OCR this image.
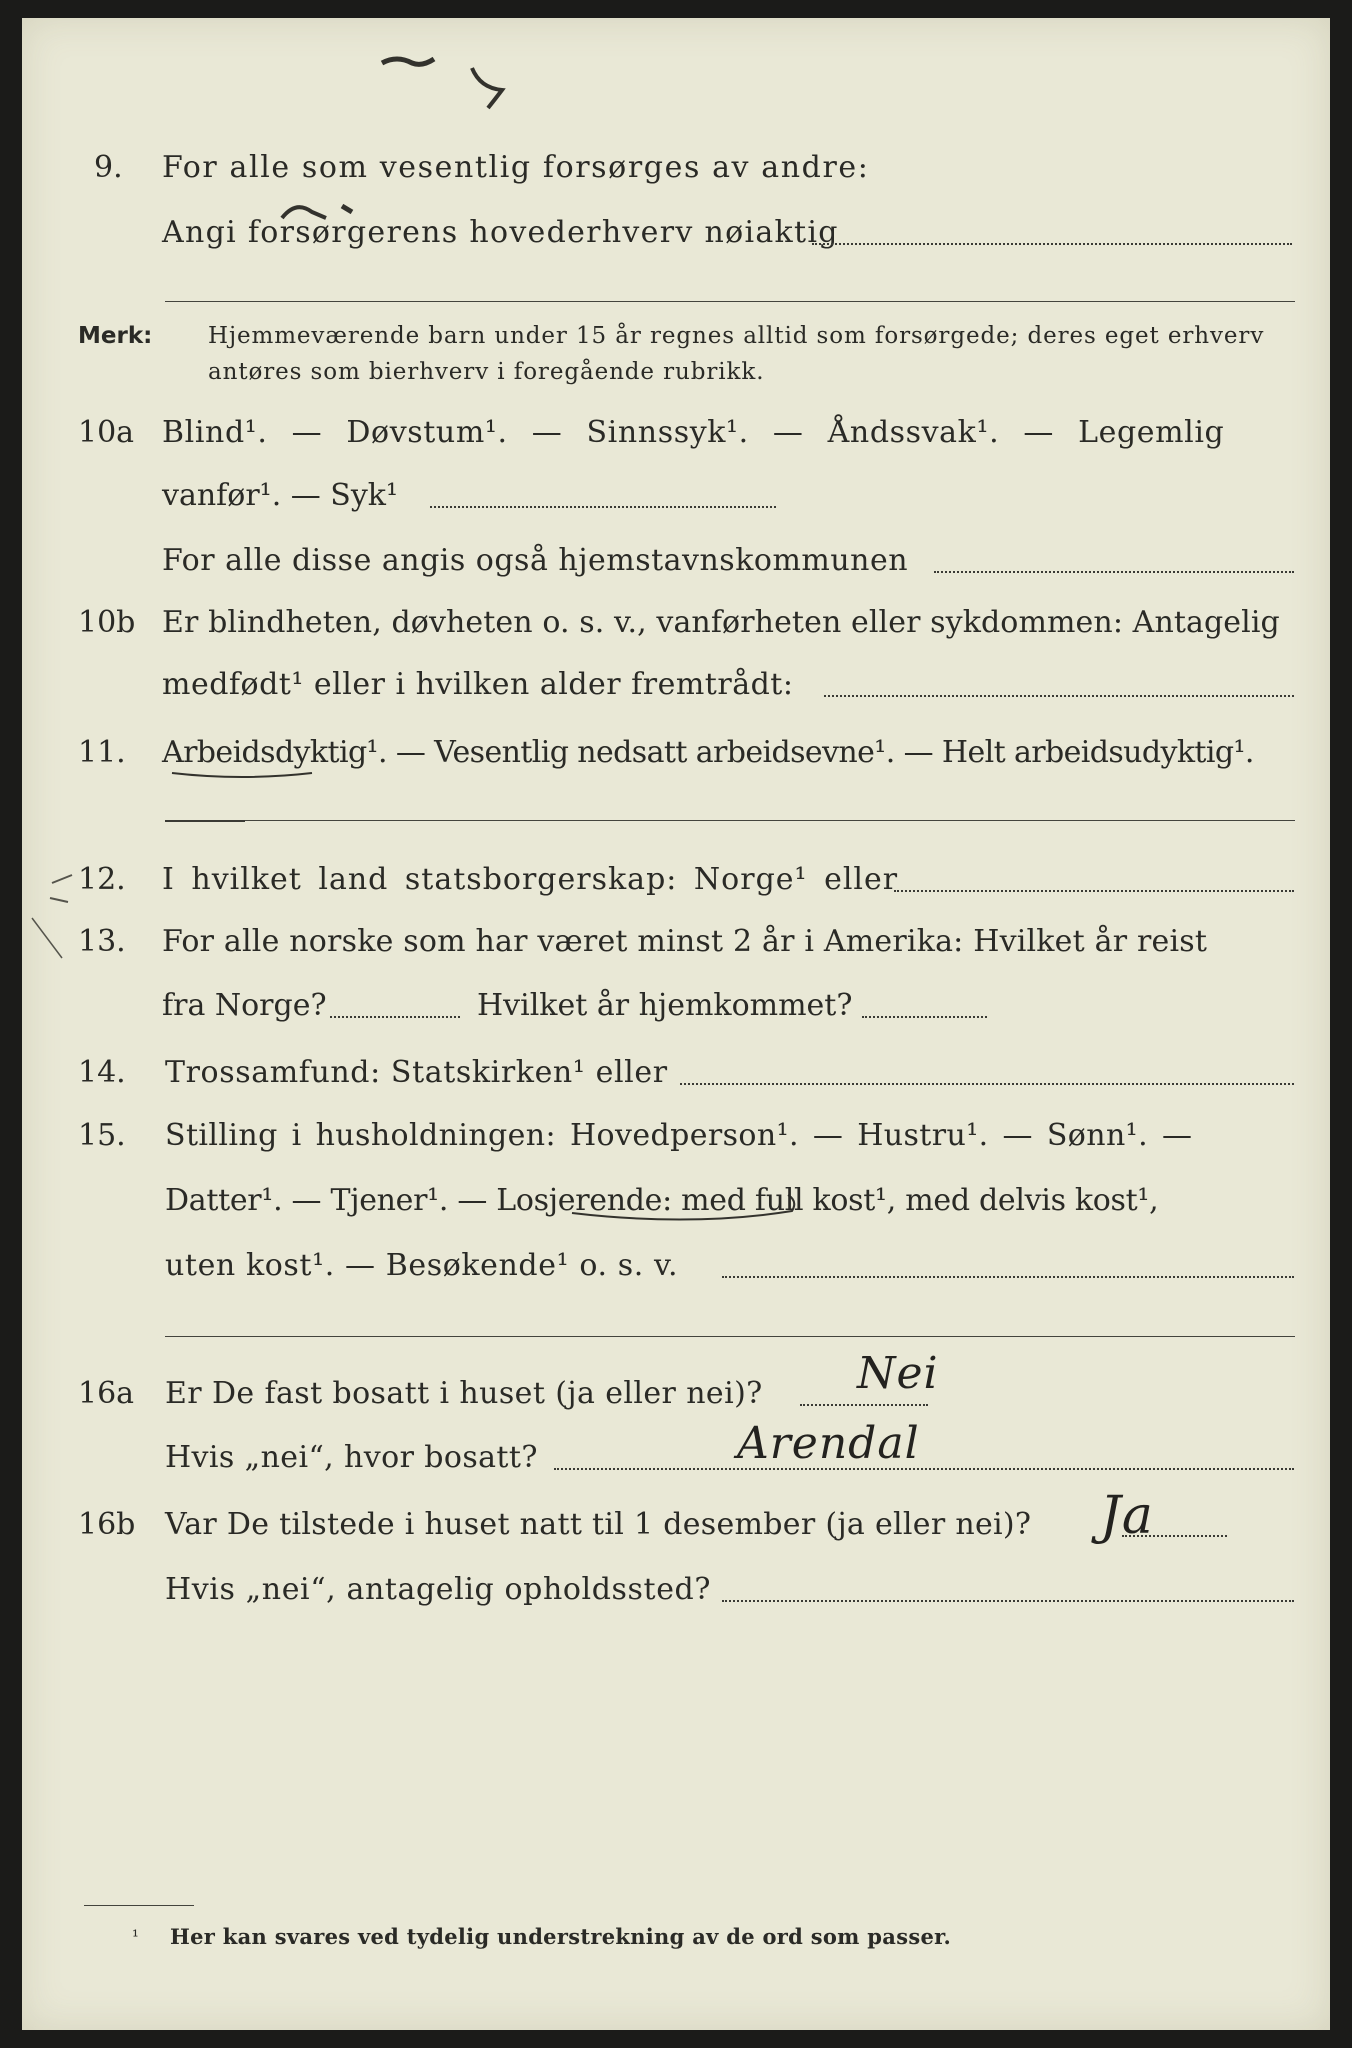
9. For alle som vesentlig forsørges av andre:
Angi forsørgerens hovederhverv nøiaktig
Merk: Hjemmeværende barn under 15 år regnes alltid som forsørgede; deres eget erhverv
antøres som bierhverv i foregående rubrikk.
10a Blind¹. — Døvstum¹. — Sinnssyk¹. — Åndssvak¹. — Legemlig
vanfør¹. — Syk¹
For alle disse angis også hjemstavnskommunen
10b Er blindheten, døvheten o. s. v., vanførheten eller sykdommen: Antagelig
medfødt¹ eller i hvilken alder fremtrådt:
11. Arbeidsdyktig¹. — Vesentlig nedsatt arbeidsevne¹. — Helt arbeidsudyktig¹.
12. I hvilket land statsborgerskap: Norge¹ eller
13. For alle norske som har været minst 2 år i Amerika: Hvilket år reist
fra Norge?	Hvilket år hjemkommet?
14. Trossamfund: Statskirken¹ eller
15. Stilling i husholdningen: Hovedperson¹. — Hustru¹. — Sønn¹. —
Datter¹. — Tjener¹. — Losjerende: med full kost¹, med delvis kost¹,
uten kost¹. — Besøkende¹ o. s. v.
16a Er De fast bosatt i huset (ja eller nei)? Nei
Hvis „nei“, hvor bosatt?	Arendal
16b Var De tilstede i huset natt til 1 desember (ja eller nei)? Ja
Hvis „nei“, antagelig opholdssted?
¹ Her kan svares ved tydelig understrekning av de ord som passer.
